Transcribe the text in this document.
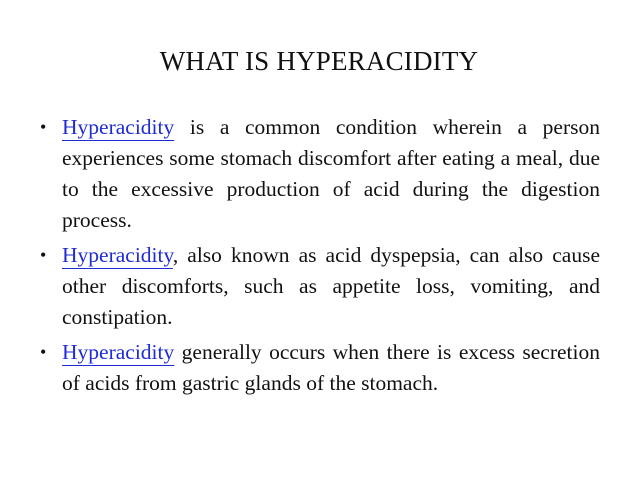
WHAT IS HYPERACIDITY
• Hyperacidity is a common condition wherein a person experiences some stomach discomfort after eating a meal, due to the excessive production of acid during the digestion process.
• Hyperacidity, also known as acid dyspepsia, can also cause other discomforts, such as appetite loss, vomiting, and constipation.
• Hyperacidity generally occurs when there is excess secretion of acids from gastric glands of the stomach.
